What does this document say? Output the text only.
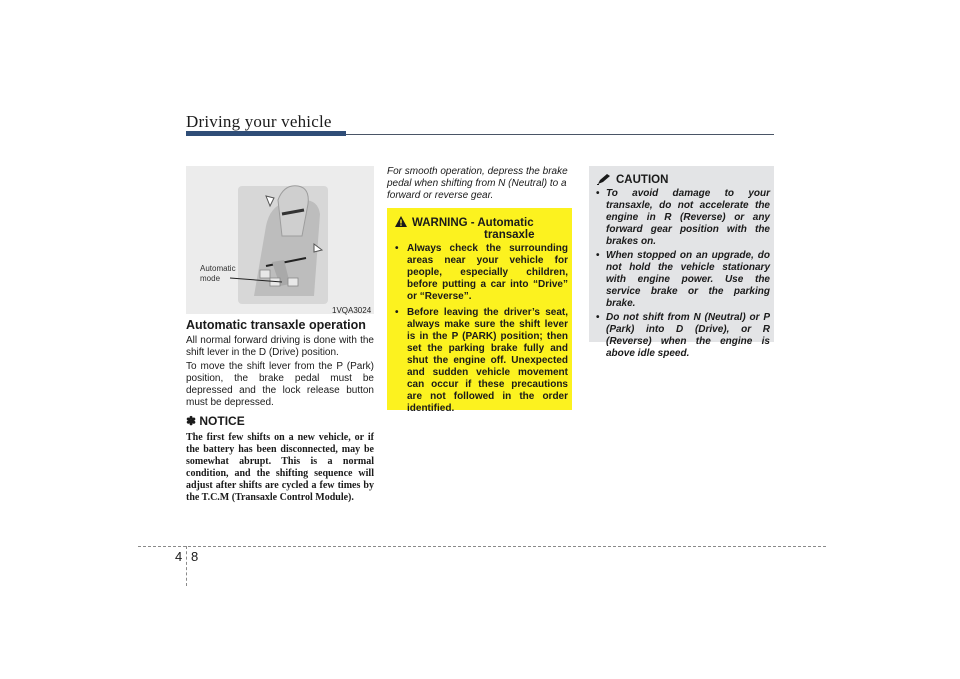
Driving your vehicle
Automatic
mode
1VQA3024
Automatic transaxle operation

All normal forward driving is done with the shift lever in the D (Drive) position.

To move the shift lever from the P (Park) position, the brake pedal must be depressed and the lock release button must be depressed.

✽ NOTICE

The first few shifts on a new vehicle, or if the battery has been disconnected, may be somewhat abrupt. This is a normal condition, and the shifting sequence will adjust after shifts are cycled a few times by the T.C.M (Transaxle Control Module).

For smooth operation, depress the brake pedal when shifting from N (Neutral) to a forward or reverse gear.

WARNING - Automatic
transaxle
• Always check the surrounding areas near your vehicle for people, especially children, before putting a car into “Drive” or “Reverse”.
• Before leaving the driver’s seat, always make sure the shift lever is in the P (PARK) position; then set the parking brake fully and shut the engine off. Unexpected and sudden vehicle movement can occur if these precautions are not followed in the order identified.
CAUTION
• To avoid damage to your transaxle, do not accelerate the engine in R (Reverse) or any forward gear position with the brakes on.
• When stopped on an upgrade, do not hold the vehicle stationary with engine power. Use the service brake or the parking brake.
• Do not shift from N (Neutral) or P (Park) into D (Drive), or R (Reverse) when the engine is above idle speed.
4 8
